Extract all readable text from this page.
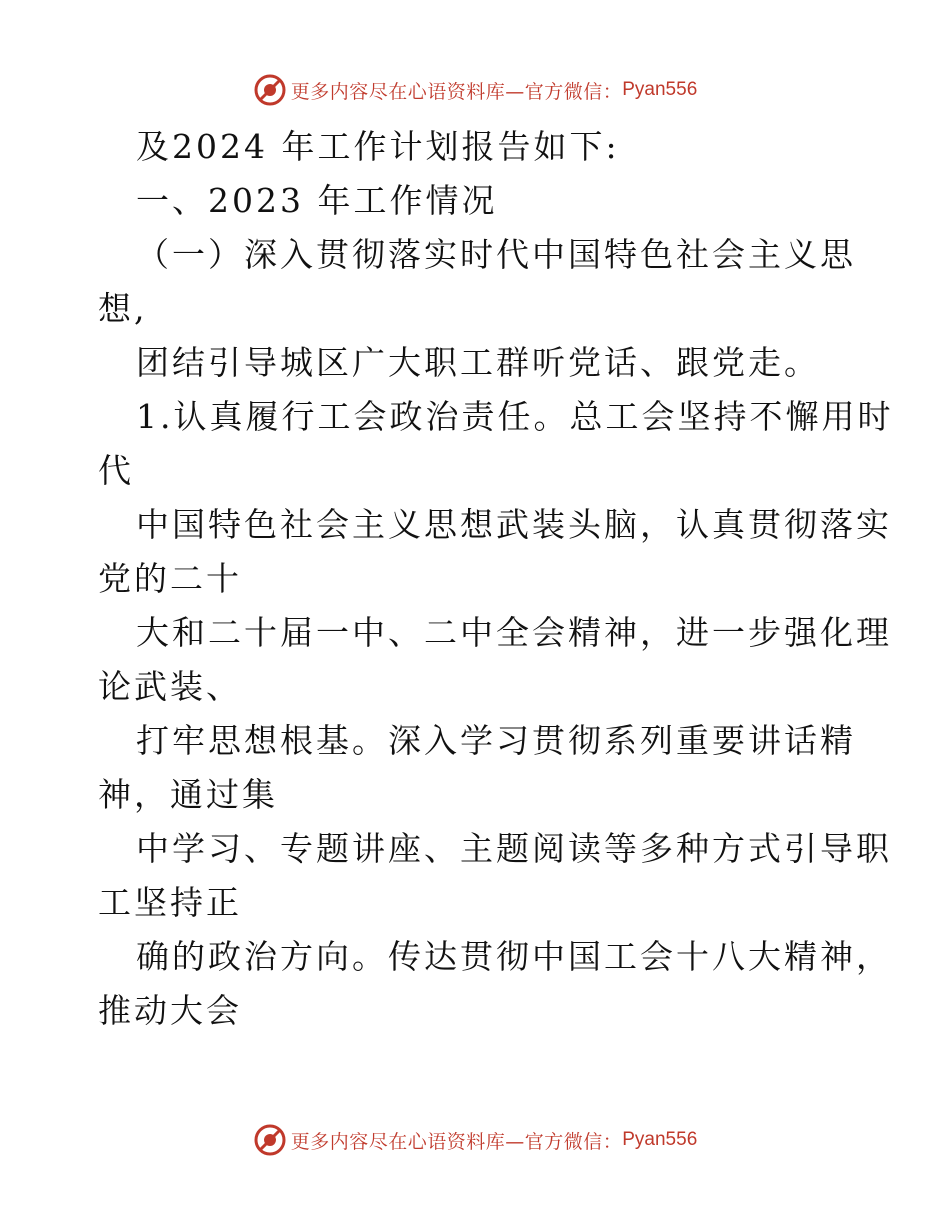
更多内容尽在心语资料库—官方微信： Pyan556
及2024 年工作计划报告如下:
一、2023 年工作情况
（一）深入贯彻落实时代中国特色社会主义思
想,
团结引导城区广大职工群听党话、跟党走。
1.认真履行工会政治责任。总工会坚持不懈用时
代
中国特色社会主义思想武装头脑，认真贯彻落实
党的二十
大和二十届一中、二中全会精神，进一步强化理
论武装、
打牢思想根基。深入学习贯彻系列重要讲话精
神，通过集
中学习、专题讲座、主题阅读等多种方式引导职
工坚持正
确的政治方向。传达贯彻中国工会十八大精神，
推动大会
更多内容尽在心语资料库—官方微信： Pyan556
